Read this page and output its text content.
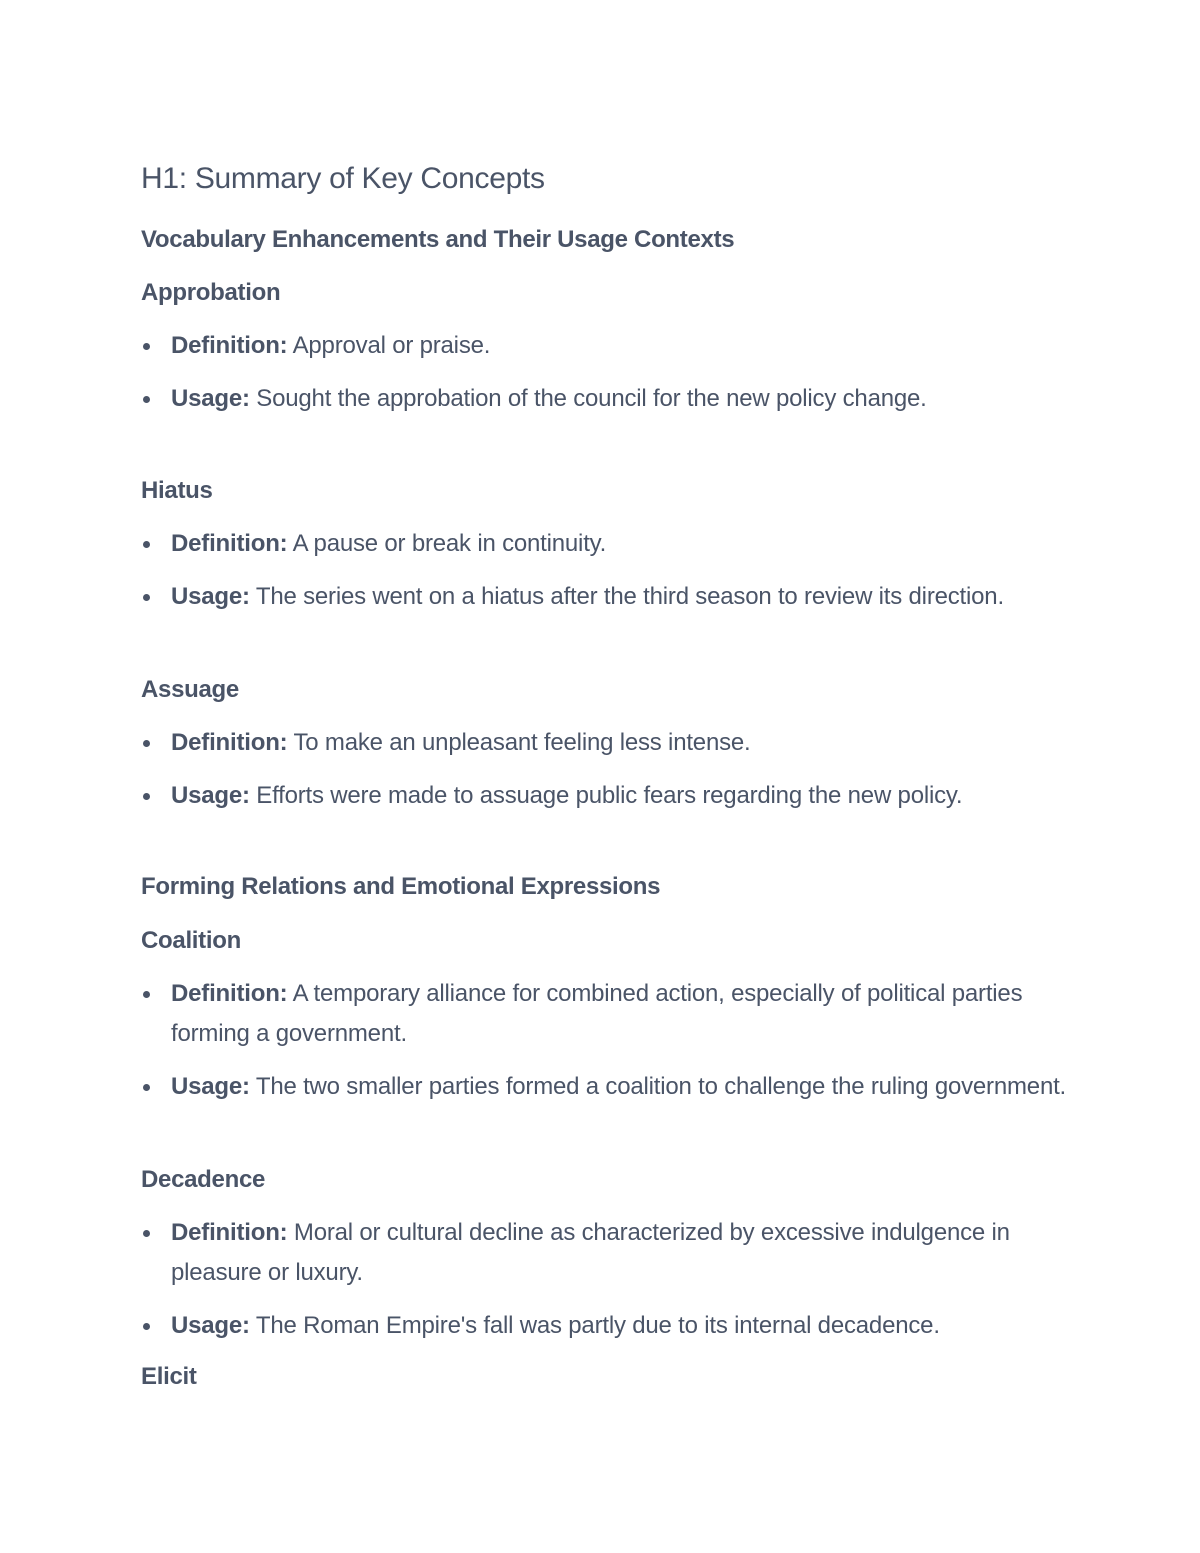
H1: Summary of Key Concepts
Vocabulary Enhancements and Their Usage Contexts
Approbation
Definition: Approval or praise.
Usage: Sought the approbation of the council for the new policy change.
Hiatus
Definition: A pause or break in continuity.
Usage: The series went on a hiatus after the third season to review its direction.
Assuage
Definition: To make an unpleasant feeling less intense.
Usage: Efforts were made to assuage public fears regarding the new policy.
Forming Relations and Emotional Expressions
Coalition
Definition: A temporary alliance for combined action, especially of political parties forming a government.
Usage: The two smaller parties formed a coalition to challenge the ruling government.
Decadence
Definition: Moral or cultural decline as characterized by excessive indulgence in pleasure or luxury.
Usage: The Roman Empire's fall was partly due to its internal decadence.
Elicit
